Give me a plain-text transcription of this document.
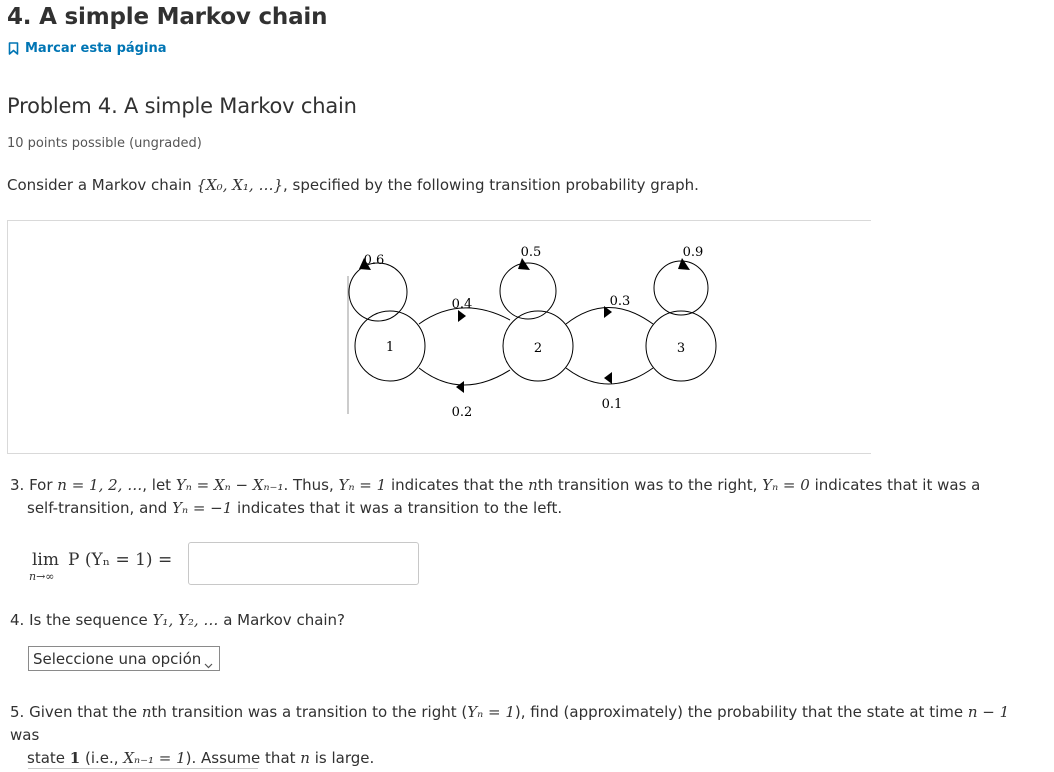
4. A simple Markov chain
Marcar esta página
Problem 4. A simple Markov chain
10 points possible (ungraded)
Consider a Markov chain {X₀, X₁, …}, specified by the following transition probability graph.
1	2	3
0.6
0.5	0.9
0.4
0.2
0.3
0.1
3. For n = 1, 2, …, let Yₙ = Xₙ − Xₙ₋₁. Thus, Yₙ = 1 indicates that the nth transition was to the right, Yₙ = 0 indicates that it was a
self-transition, and Yₙ = −1 indicates that it was a transition to the left.
lim
n→∞
P (Yₙ = 1) =
4. Is the sequence Y₁, Y₂, … a Markov chain?
Seleccione una opción
5. Given that the nth transition was a transition to the right (Yₙ = 1), find (approximately) the probability that the state at time n − 1 was
state 1 (i.e., Xₙ₋₁ = 1). Assume that n is large.
